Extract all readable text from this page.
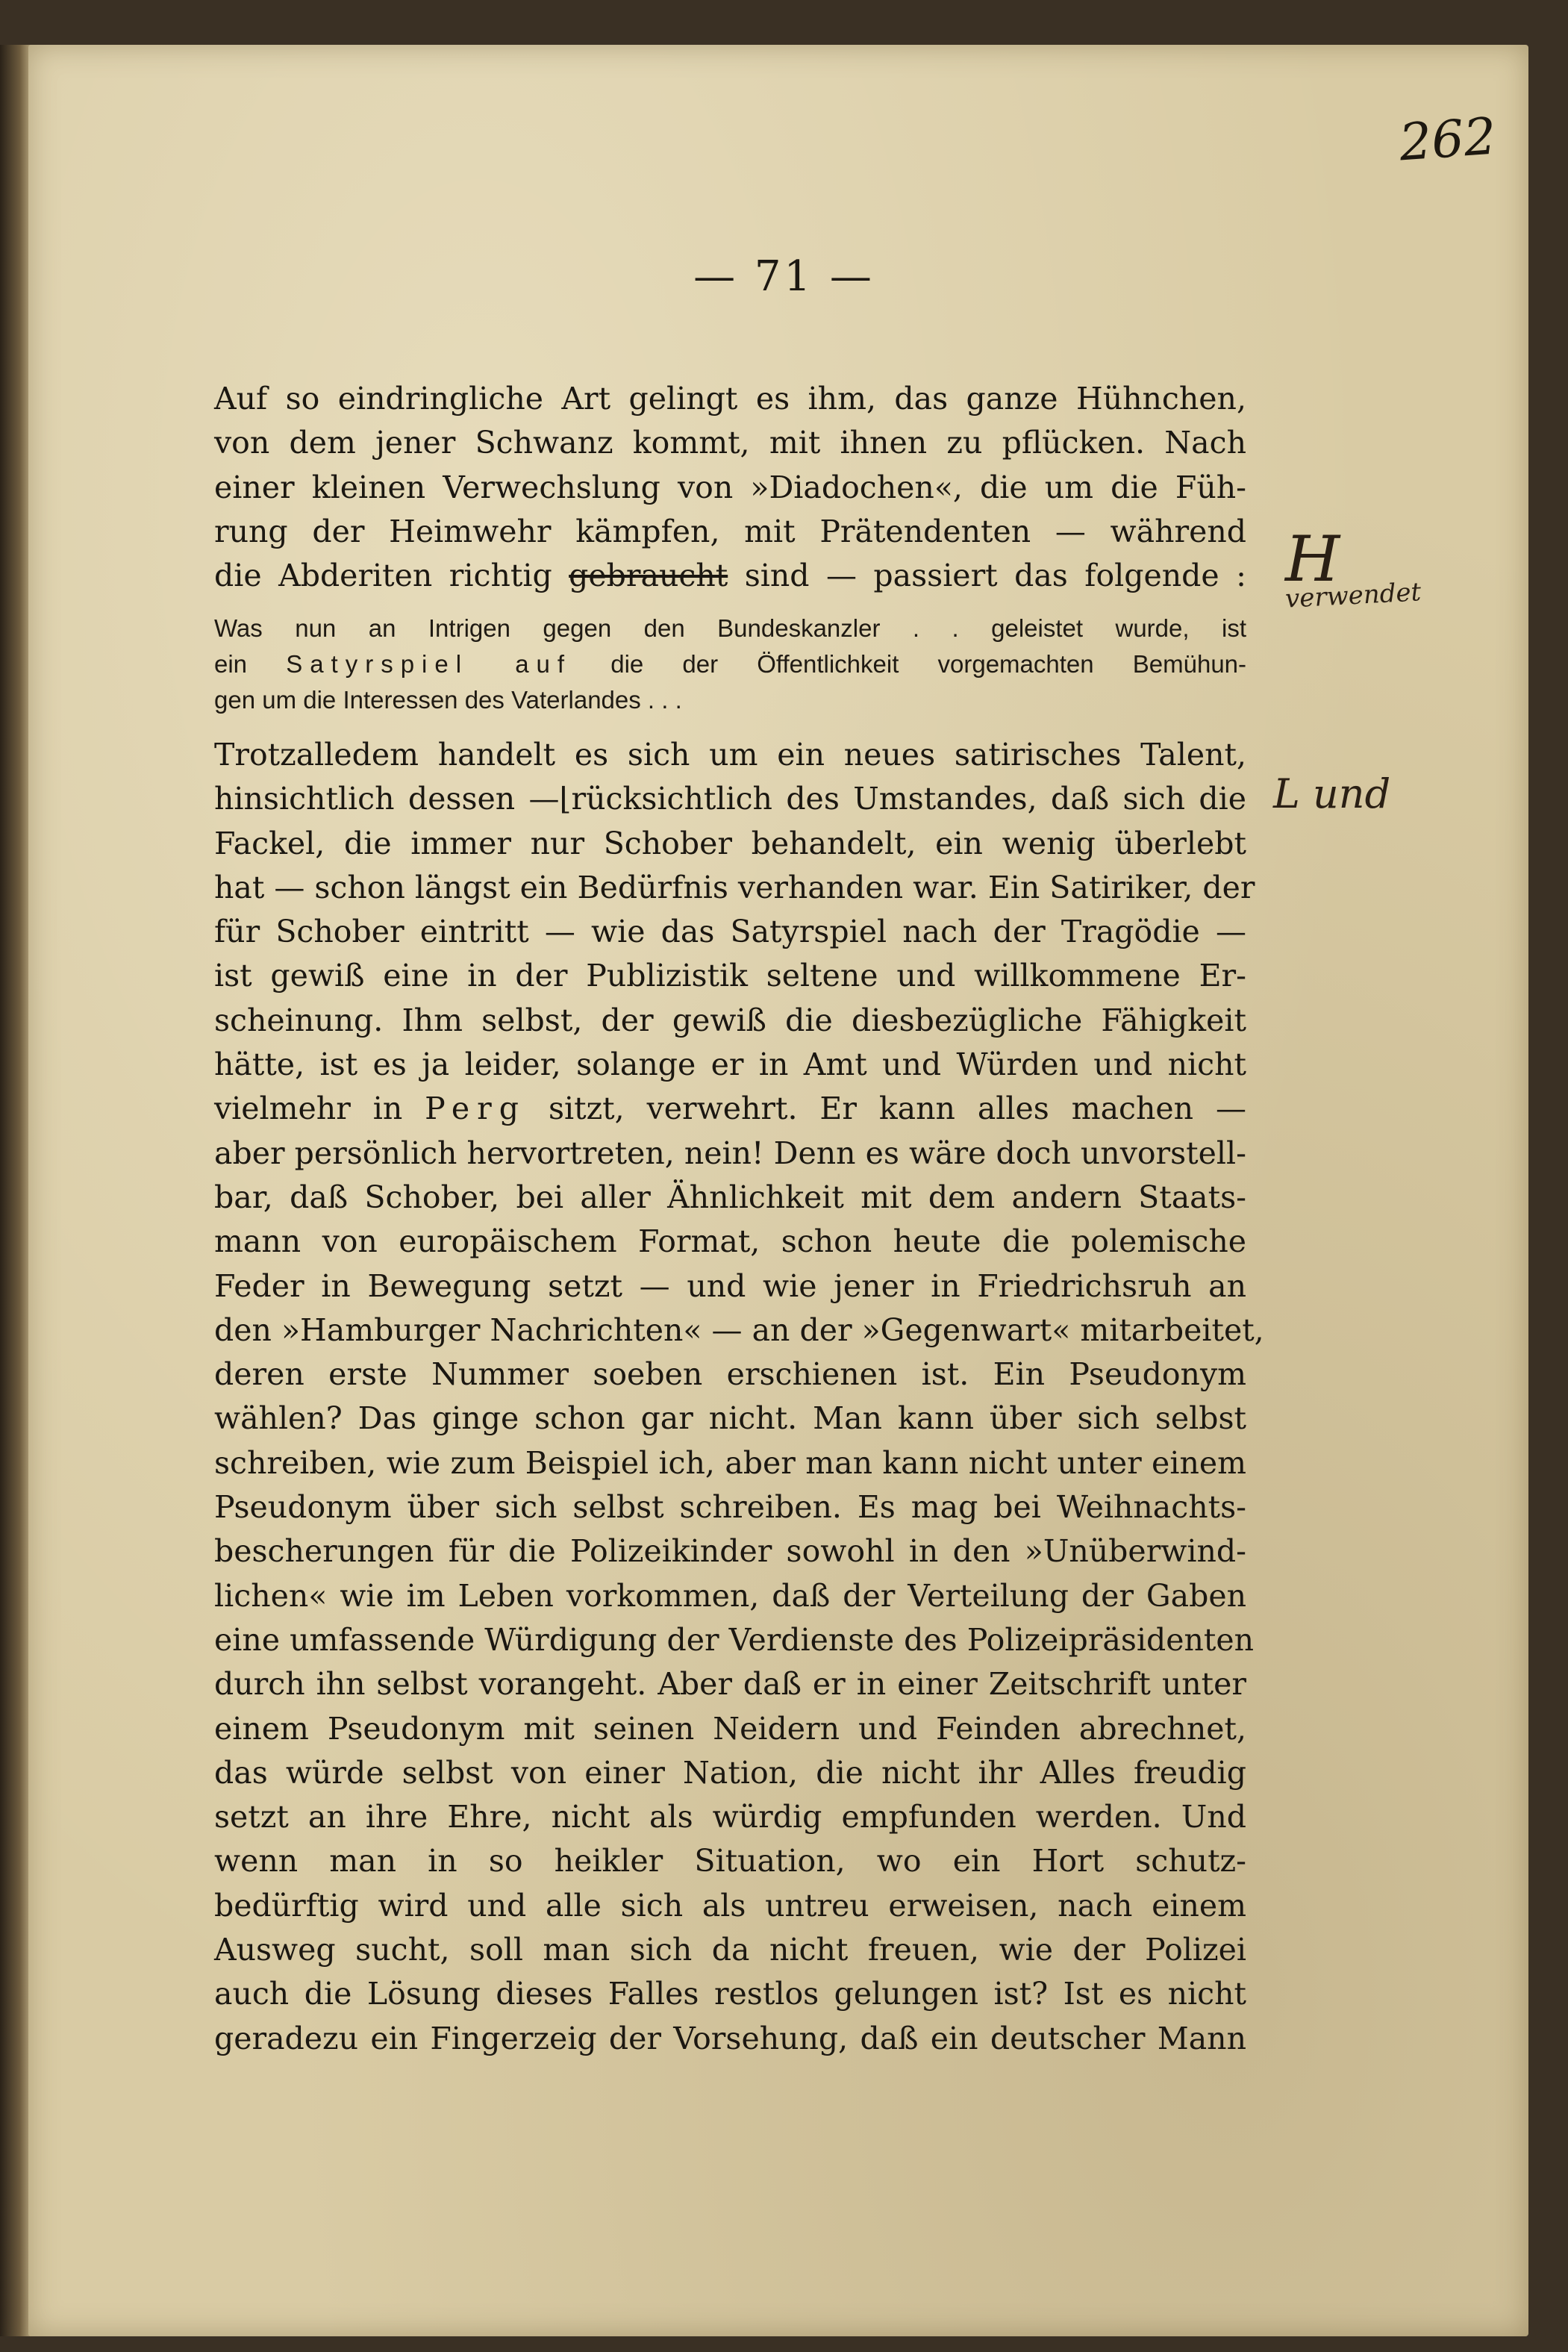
262
— 71 —
Auf so eindringliche Art gelingt es ihm, das ganze Hühnchen,
von dem jener Schwanz kommt, mit ihnen zu pflücken. Nach
einer kleinen Verwechslung von »Diadochen«, die um die Füh-
rung der Heimwehr kämpfen, mit Prätendenten — während
die Abderiten richtig gebraucht sind — passiert das folgende :
Was nun an Intrigen gegen den Bundeskanzler . . geleistet wurde, ist
ein Satyrspiel auf die der Öffentlichkeit vorgemachten Bemühun-
gen um die Interessen des Vaterlandes . . .
Trotzalledem handelt es sich um ein neues satirisches Talent,
hinsichtlich dessen —⌊rücksichtlich des Umstandes, daß sich die
Fackel, die immer nur Schober behandelt, ein wenig überlebt
hat — schon längst ein Bedürfnis verhanden war. Ein Satiriker, der
für Schober eintritt — wie das Satyrspiel nach der Tragödie —
ist gewiß eine in der Publizistik seltene und willkommene Er-
scheinung. Ihm selbst, der gewiß die diesbezügliche Fähigkeit
hätte, ist es ja leider, solange er in Amt und Würden und nicht
vielmehr in Perg sitzt, verwehrt. Er kann alles machen —
aber persönlich hervortreten, nein! Denn es wäre doch unvorstell-
bar, daß Schober, bei aller Ähnlichkeit mit dem andern Staats-
mann von europäischem Format, schon heute die polemische
Feder in Bewegung setzt — und wie jener in Friedrichsruh an
den »Hamburger Nachrichten« — an der »Gegenwart« mitarbeitet,
deren erste Nummer soeben erschienen ist. Ein Pseudonym
wählen? Das ginge schon gar nicht. Man kann über sich selbst
schreiben, wie zum Beispiel ich, aber man kann nicht unter einem
Pseudonym über sich selbst schreiben. Es mag bei Weihnachts-
bescherungen für die Polizeikinder sowohl in den »Unüberwind-
lichen« wie im Leben vorkommen, daß der Verteilung der Gaben
eine umfassende Würdigung der Verdienste des Polizeipräsidenten
durch ihn selbst vorangeht. Aber daß er in einer Zeitschrift unter
einem Pseudonym mit seinen Neidern und Feinden abrechnet,
das würde selbst von einer Nation, die nicht ihr Alles freudig
setzt an ihre Ehre, nicht als würdig empfunden werden. Und
wenn man in so heikler Situation, wo ein Hort schutz-
bedürftig wird und alle sich als untreu erweisen, nach einem
Ausweg sucht, soll man sich da nicht freuen, wie der Polizei
auch die Lösung dieses Falles restlos gelungen ist? Ist es nicht
geradezu ein Fingerzeig der Vorsehung, daß ein deutscher Mann
H
verwendet
L und
